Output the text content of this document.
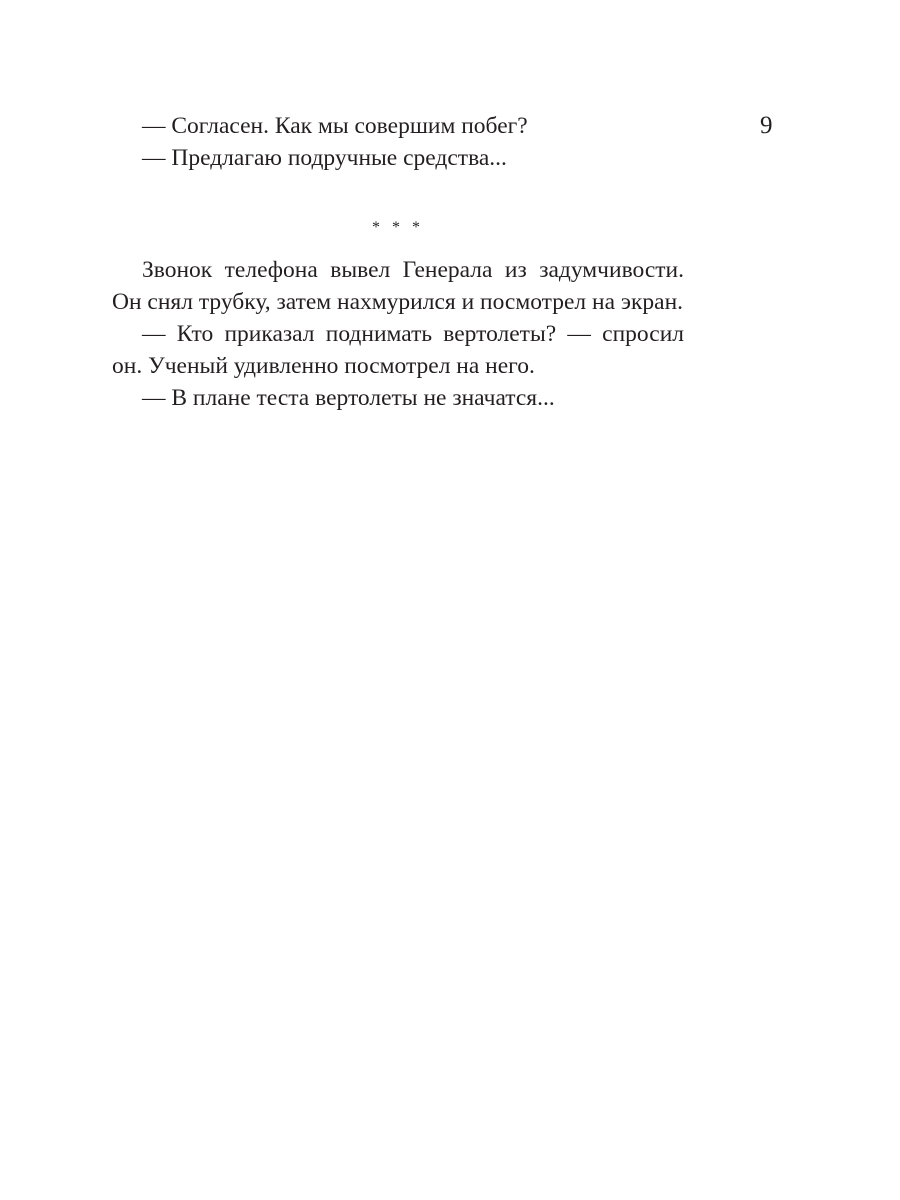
9

— Согласен. Как мы совершим побег?

— Предлагаю подручные средства...

* * *

Звонок телефона вывел Генерала из задумчивости. Он снял трубку, затем нахмурился и посмотрел на экран.

— Кто приказал поднимать вертолеты? — спросил он. Ученый удивленно посмотрел на него.

— В плане теста вертолеты не значатся...
